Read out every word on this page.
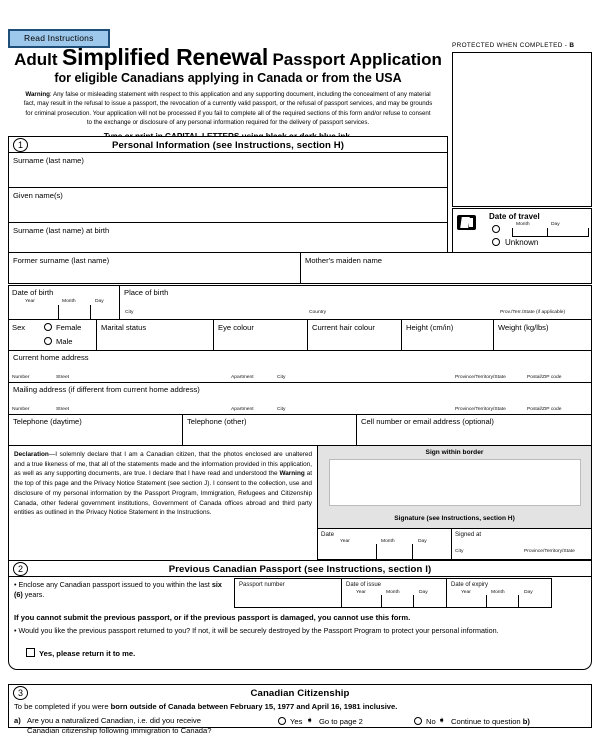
Read Instructions
Adult Simplified Renewal Passport Application
for eligible Canadians applying in Canada or from the USA
Warning: Any false or misleading statement with respect to this application and any supporting document, including the concealment of any material fact, may result in the refusal to issue a passport, the revocation of a currently valid passport, or the refusal of passport services, and may be grounds for criminal prosecution. Your application will not be processed if you fail to complete all of the required sections of this form and/or refuse to consent to the exchange or disclosure of any personal information required for the delivery of passport services.
PROTECTED WHEN COMPLETED - B
1	Personal Information (see Instructions, section H)
Surname (last name)
Given name(s)
Surname (last name) at birth
Former surname (last name)	Mother's maiden name
Date of travel
Month	Day
Unknown
Date of birth
Year	Month	Day
Place of birth
City	Country	Prov./Terr./State (if applicable)
Sex	Female
Male
Marital status	Eye colour	Current hair colour	Height (cm/in)	Weight (kg/lbs)
Current home address
Number	Street	Apartment	City	Province/Territory/State	Postal/ZIP code
Mailing address (if different from current home address)
Number	Street	Apartment	City	Province/Territory/State	Postal/ZIP code
Telephone (daytime)	Telephone (other)	Cell number or email address (optional)
Declaration—I solemnly declare that I am a Canadian citizen, that the photos enclosed are unaltered and a true likeness of me, that all of the statements made and the information provided in this application, as well as any supporting documents, are true. I declare that I have read and understood the Warning at the top of this page and the Privacy Notice Statement (see section J). I consent to the collection, use and disclosure of my personal information by the Passport Program, Immigration, Refugees and Citizenship Canada, other federal government institutions, Government of Canada offices abroad and third party entities as outlined in the Privacy Notice Statement in the Instructions.
Sign within border
Signature (see Instructions, section H)
Date
Year	Month	Day
Signed at
City	Province/Territory/State
2	Previous Canadian Passport (see Instructions, section I)
• Enclose any Canadian passport issued to you within the last six (6) years.
Passport number	Date of issue
Year	Month	Day
Date of expiry
Year	Month	Day
If you cannot submit the previous passport, or if the previous passport is damaged, you cannot use this form.
• Would you like the previous passport returned to you? If not, it will be securely destroyed by the Passport Program to protect your personal information.
Yes, please return it to me.
3	Canadian Citizenship
To be completed if you were born outside of Canada between February 15, 1977 and April 16, 1981 inclusive.
a) Are you a naturalized Canadian, i.e. did you receive
Canadian citizenship following immigration to Canada?
Yes ➧ Go to page 2	No ➧ Continue to question b)
